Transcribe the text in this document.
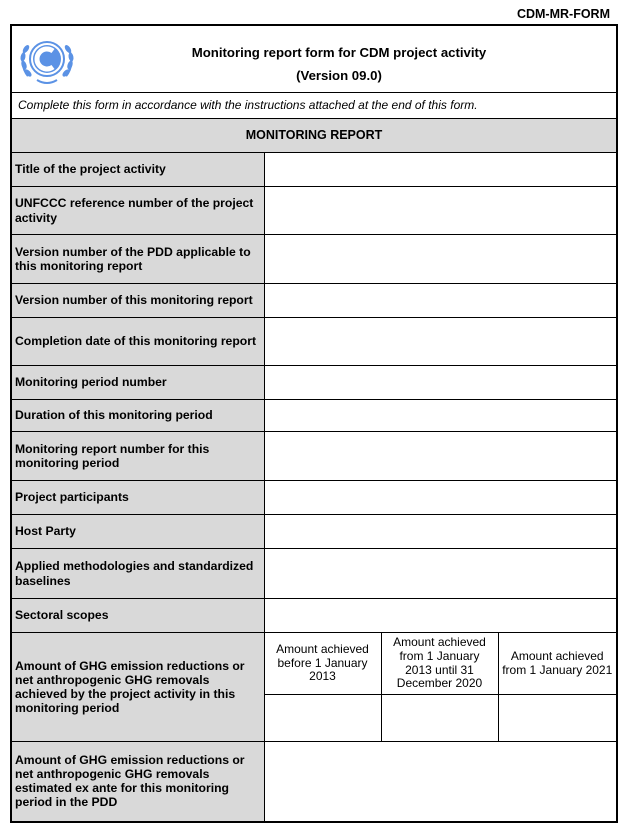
CDM-MR-FORM
Monitoring report form for CDM project activity
(Version 09.0)			

Complete this form in accordance with the instructions attached at the end of this form.			
MONITORING REPORT			
Title of the project activity			
UNFCCC reference number of the project activity			
Version number of the PDD applicable to this monitoring report			
Version number of this monitoring report			
Completion date of this monitoring report			
Monitoring period number			
Duration of this monitoring period			
Monitoring report number for this monitoring period			
Project participants			
Host Party			
Applied methodologies and standardized baselines			
Sectoral scopes			
Amount of GHG emission reductions or net anthropogenic GHG removals achieved by the project activity in this monitoring period	Amount achieved before 1 January 2013	Amount achieved from 1 January 2013 until 31 December 2020	Amount achieved from 1 January 2021

Amount of GHG emission reductions or net anthropogenic GHG removals estimated ex ante for this monitoring period in the PDD			
